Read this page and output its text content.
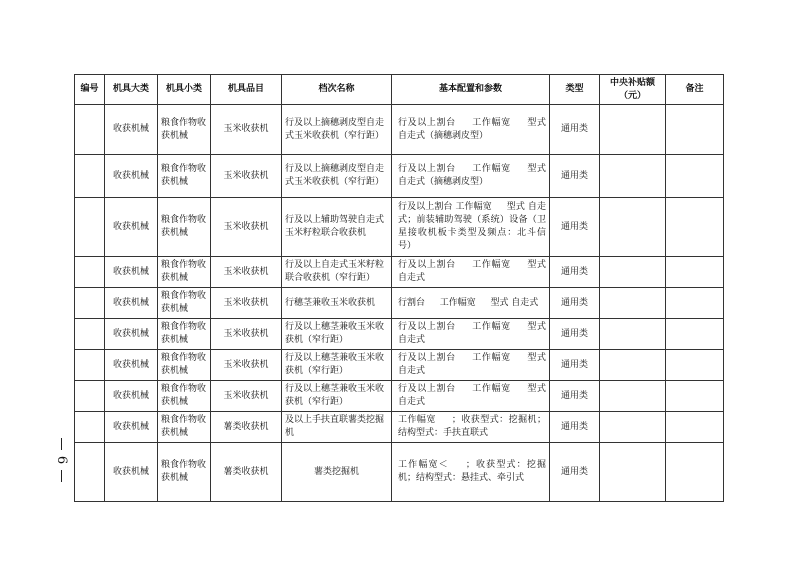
6
编号	机具大类	机具小类	机具品目	档次名称	基本配置和参数	类型	中央补贴额（元）	备注
	收获机械	粮食作物收获机械	玉米收获机	行及以上摘穗剥皮型自走式玉米收获机（窄行距）	行及以上割台 　 工作幅宽 　 型式 自走式（摘穗剥皮型）	通用类		
	收获机械	粮食作物收获机械	玉米收获机	行及以上摘穗剥皮型自走式玉米收获机（窄行距）	行及以上割台 　 工作幅宽 　 型式 自走式（摘穗剥皮型）	通用类		
	收获机械	粮食作物收获机械	玉米收获机	行及以上辅助驾驶自走式玉米籽粒联合收获机	行及以上割台 工作幅宽 　 型式 自走式；前装辅助驾驶（系统）设备（卫星接收机板卡类型及频点：北斗信号）	通用类		
	收获机械	粮食作物收获机械	玉米收获机	行及以上自走式玉米籽粒联合收获机（窄行距）	行及以上割台 　 工作幅宽 　 型式 自走式	通用类		
	收获机械	粮食作物收获机械	玉米收获机	行穗茎兼收玉米收获机	行割台 　 工作幅宽 　 型式 自走式	通用类		
	收获机械	粮食作物收获机械	玉米收获机	行及以上穗茎兼收玉米收获机（窄行距）	行及以上割台 　 工作幅宽 　 型式 自走式	通用类		
	收获机械	粮食作物收获机械	玉米收获机	行及以上穗茎兼收玉米收获机（窄行距）	行及以上割台 　 工作幅宽 　 型式 自走式	通用类		
	收获机械	粮食作物收获机械	玉米收获机	行及以上穗茎兼收玉米收获机（窄行距）	行及以上割台 　 工作幅宽 　 型式 自走式	通用类		
	收获机械	粮食作物收获机械	薯类收获机	及以上手扶直联薯类挖掘机	工作幅宽 　 ；收获型式：挖掘机；结构型式：手扶直联式	通用类		
	收获机械	粮食作物收获机械	薯类收获机	薯类挖掘机	工作幅宽＜ 　 ；收获型式：挖掘机；结构型式：悬挂式、牵引式	通用类		
